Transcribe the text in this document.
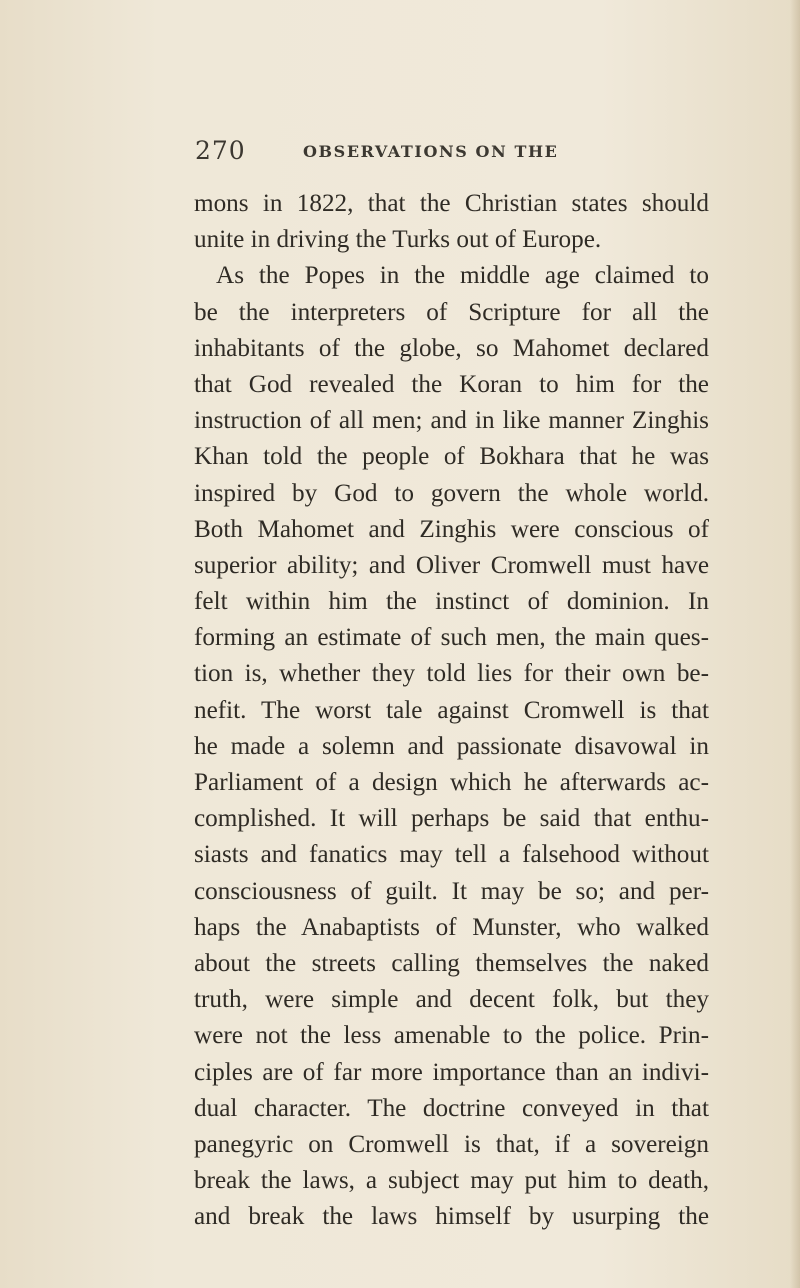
270	OBSERVATIONS ON THE
mons in 1822, that the Christian states should
unite in driving the Turks out of Europe.
As the Popes in the middle age claimed to
be the interpreters of Scripture for all the
inhabitants of the globe, so Mahomet declared
that God revealed the Koran to him for the
instruction of all men; and in like manner Zinghis
Khan told the people of Bokhara that he was
inspired by God to govern the whole world.
Both Mahomet and Zinghis were conscious of
superior ability; and Oliver Cromwell must have
felt within him the instinct of dominion. In
forming an estimate of such men, the main ques-
tion is, whether they told lies for their own be-
nefit. The worst tale against Cromwell is that
he made a solemn and passionate disavowal in
Parliament of a design which he afterwards ac-
complished. It will perhaps be said that enthu-
siasts and fanatics may tell a falsehood without
consciousness of guilt. It may be so; and per-
haps the Anabaptists of Munster, who walked
about the streets calling themselves the naked
truth, were simple and decent folk, but they
were not the less amenable to the police. Prin-
ciples are of far more importance than an indivi-
dual character. The doctrine conveyed in that
panegyric on Cromwell is that, if a sovereign
break the laws, a subject may put him to death,
and break the laws himself by usurping the
